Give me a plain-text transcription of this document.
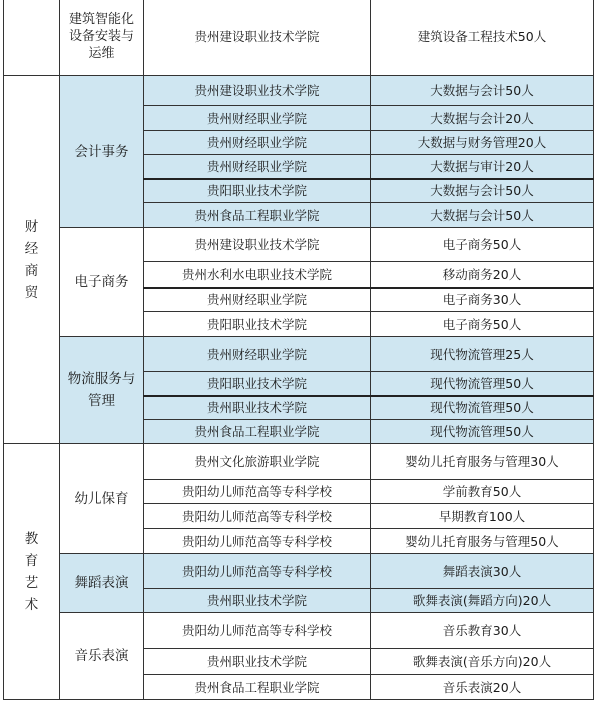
	建筑智能化设备安装与运维	贵州建设职业技术学院	建筑设备工程技术50人
财经商贸	会计事务	贵州建设职业技术学院	大数据与会计50人
		贵州财经职业学院	大数据与会计20人
		贵州财经职业学院	大数据与财务管理20人
		贵州财经职业学院	大数据与审计20人
		贵阳职业技术学院	大数据与会计50人
		贵州食品工程职业学院	大数据与会计50人
	电子商务	贵州建设职业技术学院	电子商务50人
		贵州水利水电职业技术学院	移动商务20人
		贵州财经职业学院	电子商务30人
		贵阳职业技术学院	电子商务50人
	物流服务与管理	贵州财经职业学院	现代物流管理25人
		贵阳职业技术学院	现代物流管理50人
		贵州职业技术学院	现代物流管理50人
		贵州食品工程职业学院	现代物流管理50人
教育艺术	幼儿保育	贵州文化旅游职业学院	婴幼儿托育服务与管理30人
		贵阳幼儿师范高等专科学校	学前教育50人
		贵阳幼儿师范高等专科学校	早期教育100人
		贵阳幼儿师范高等专科学校	婴幼儿托育服务与管理50人
	舞蹈表演	贵阳幼儿师范高等专科学校	舞蹈表演30人
		贵州职业技术学院	歌舞表演(舞蹈方向)20人
	音乐表演	贵阳幼儿师范高等专科学校	音乐教育30人
		贵州职业技术学院	歌舞表演(音乐方向)20人
		贵州食品工程职业学院	音乐表演20人
